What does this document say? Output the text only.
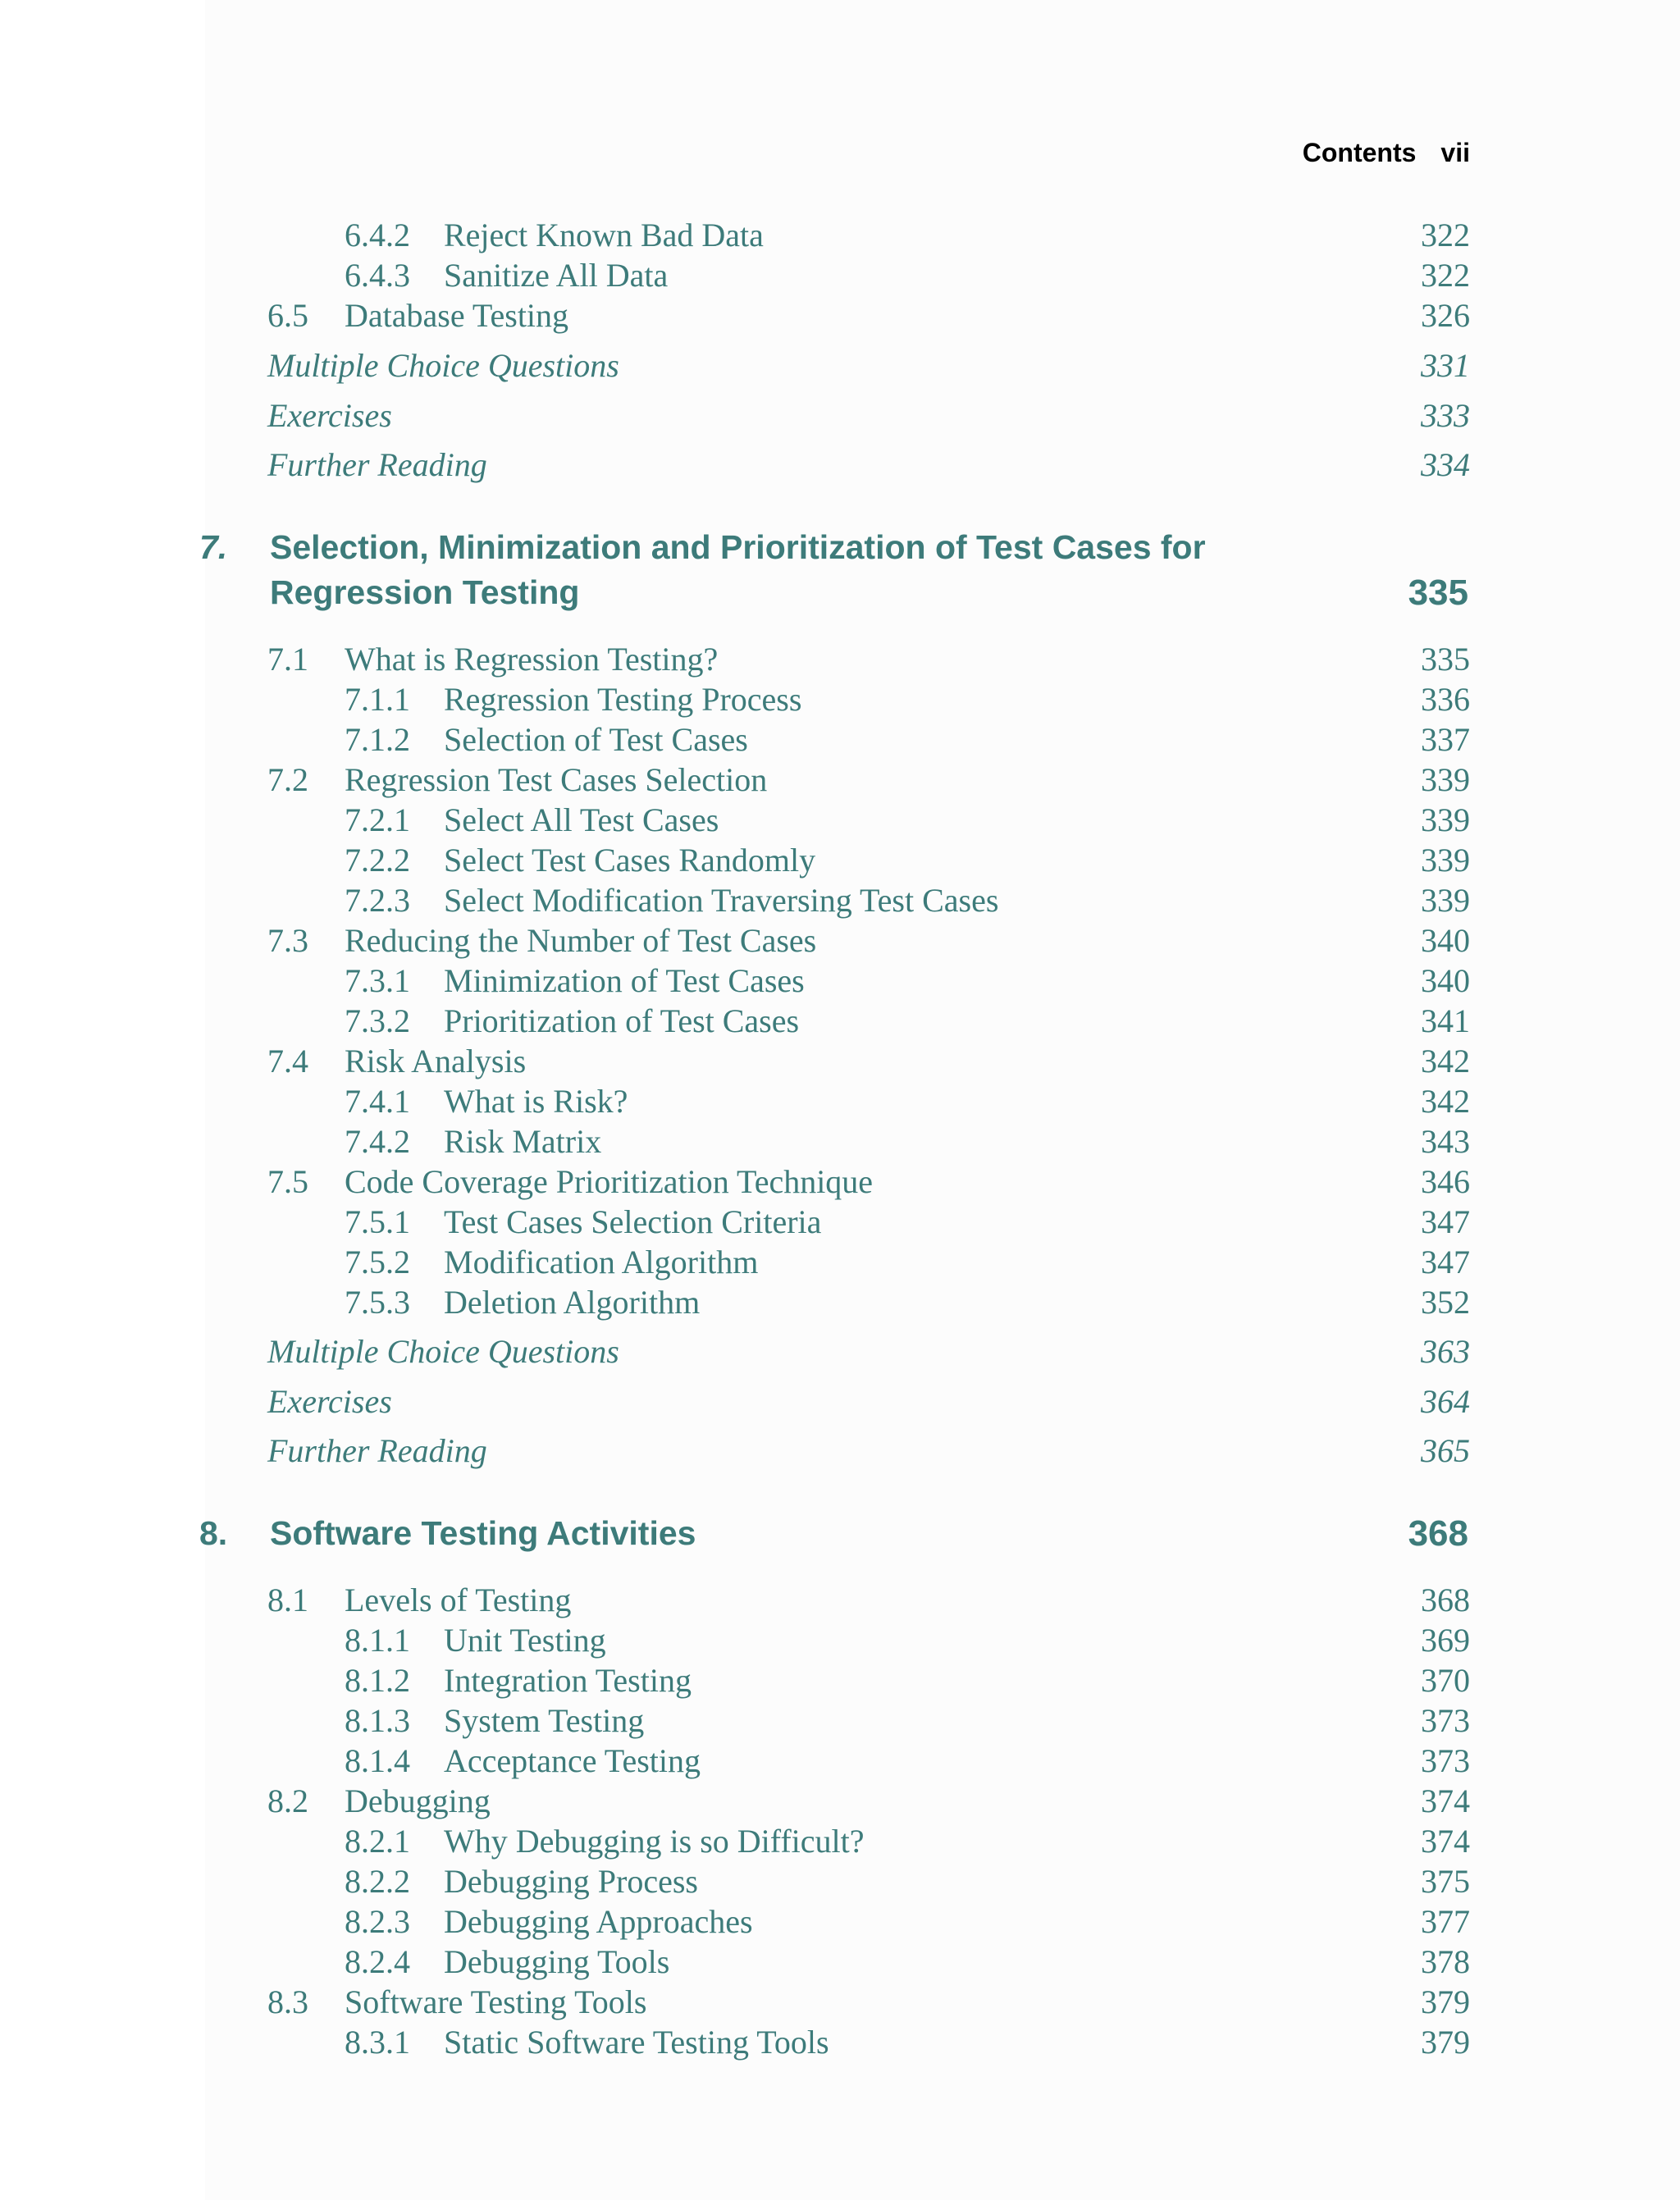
Contents vii
6.4.2 Reject Known Bad Data	322
6.4.3 Sanitize All Data	322
6.5 Database Testing	326
Multiple Choice Questions	331
Exercises	333
Further Reading	334
7. Selection, Minimization and Prioritization of Test Cases for
Regression Testing	335
7.1 What is Regression Testing?	335
7.1.1 Regression Testing Process	336
7.1.2 Selection of Test Cases	337
7.2 Regression Test Cases Selection	339
7.2.1 Select All Test Cases	339
7.2.2 Select Test Cases Randomly	339
7.2.3 Select Modification Traversing Test Cases	339
7.3 Reducing the Number of Test Cases	340
7.3.1 Minimization of Test Cases	340
7.3.2 Prioritization of Test Cases	341
7.4 Risk Analysis	342
7.4.1 What is Risk?	342
7.4.2 Risk Matrix	343
7.5 Code Coverage Prioritization Technique	346
7.5.1 Test Cases Selection Criteria	347
7.5.2 Modification Algorithm	347
7.5.3 Deletion Algorithm	352
Multiple Choice Questions	363
Exercises	364
Further Reading	365
8. Software Testing Activities	368
8.1 Levels of Testing	368
8.1.1 Unit Testing	369
8.1.2 Integration Testing	370
8.1.3 System Testing	373
8.1.4 Acceptance Testing	373
8.2 Debugging	374
8.2.1 Why Debugging is so Difficult?	374
8.2.2 Debugging Process	375
8.2.3 Debugging Approaches	377
8.2.4 Debugging Tools	378
8.3 Software Testing Tools	379
8.3.1 Static Software Testing Tools	379
